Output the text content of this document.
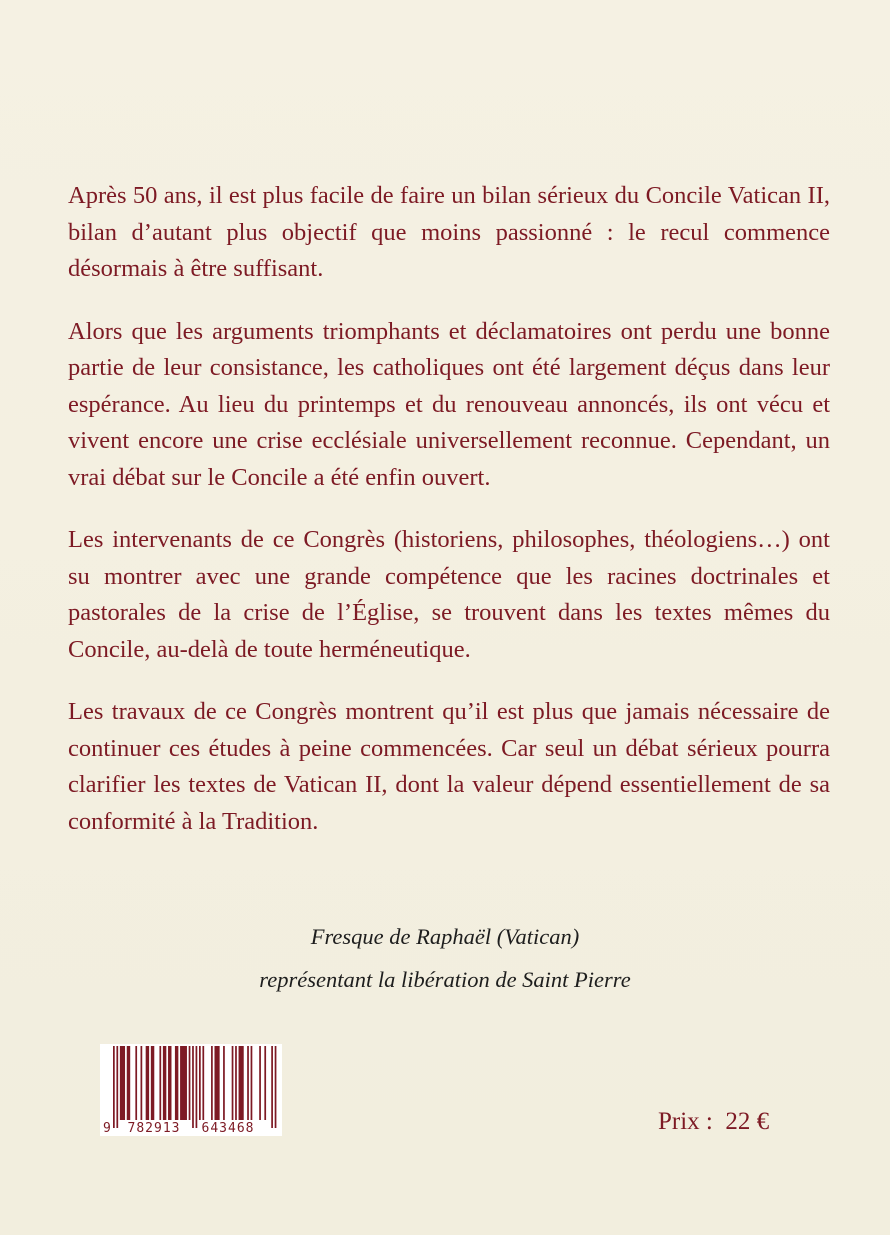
Après 50 ans, il est plus facile de faire un bilan sérieux du Concile Vatican II, bilan d’autant plus objectif que moins passionné : le recul commence désormais à être suffisant.

Alors que les arguments triomphants et déclamatoires ont perdu une bonne partie de leur consistance, les catholiques ont été largement déçus dans leur espérance. Au lieu du printemps et du renouveau annoncés, ils ont vécu et vivent encore une crise ecclésiale universellement reconnue. Cependant, un vrai débat sur le Concile a été enfin ouvert.

Les intervenants de ce Congrès (historiens, philosophes, théologiens…) ont su montrer avec une grande compétence que les racines doctrinales et pastorales de la crise de l’Église, se trouvent dans les textes mêmes du Concile, au-delà de toute herméneutique.

Les travaux de ce Congrès montrent qu’il est plus que jamais nécessaire de continuer ces études à peine commencées. Car seul un débat sérieux pourra clarifier les textes de Vatican II, dont la valeur dépend essentiellement de sa conformité à la Tradition.

Fresque de Raphaël (Vatican)
représentant la libération de Saint Pierre
9 782913 643468	Prix :  22 €
